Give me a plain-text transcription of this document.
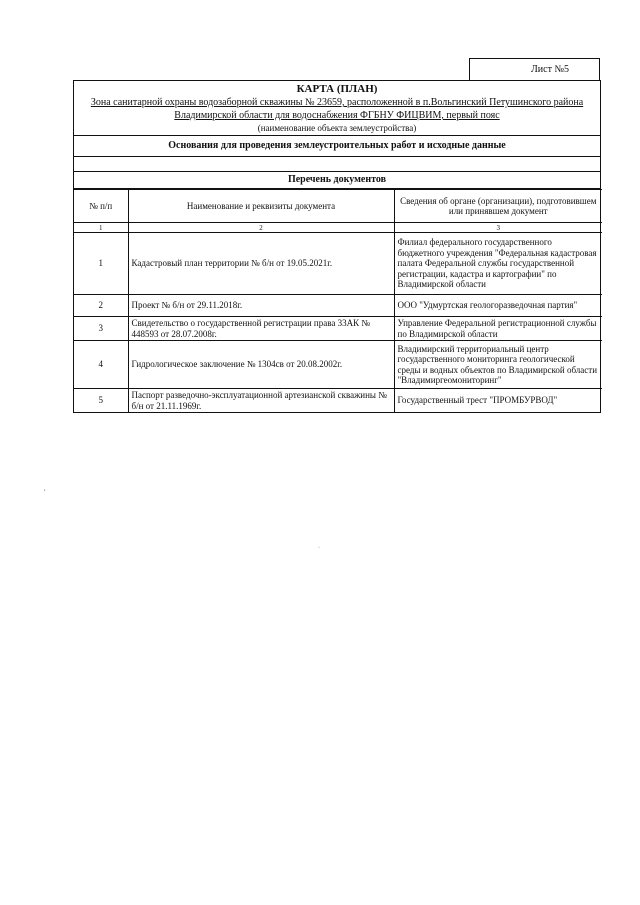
Лист №5
КАРТА (ПЛАН)
Зона санитарной охраны водозаборной скважины № 23659, расположенной в п.Вольгинский Петушинского района Владимирской области для водоснабжения ФГБНУ ФИЦВИМ, первый пояс
(наименование объекта землеустройства)
Основания для проведения землеустроительных работ и исходные данные
Перечень документов
№ п/п	Наименование и реквизиты документа	Сведения об органе (организации), подготовившем или принявшем документ
1	2	3
1	Кадастровый план территории № б/н от 19.05.2021г.	Филиал федерального государственного бюджетного учреждения "Федеральная кадастровая палата Федеральной службы государственной регистрации, кадастра и картографии" по Владимирской области
2	Проект № б/н от 29.11.2018г.	ООО "Удмуртская геологоразведочная партия"
3	Свидетельство о государственной регистрации права 33АК № 448593 от 28.07.2008г.	Управление Федеральной регистрационной службы по Владимирской области
4	Гидрологическое заключение № 1304св от 20.08.2002г.	Владимирский территориальный центр государственного мониторинга геологической среды и водных объектов по Владимирской области "Владимиргеомониторинг"
5	Паспорт разведочно-эксплуатационной артезианской скважины № б/н от 21.11.1969г.	Государственный трест "ПРОМБУРВОД"
,
·
